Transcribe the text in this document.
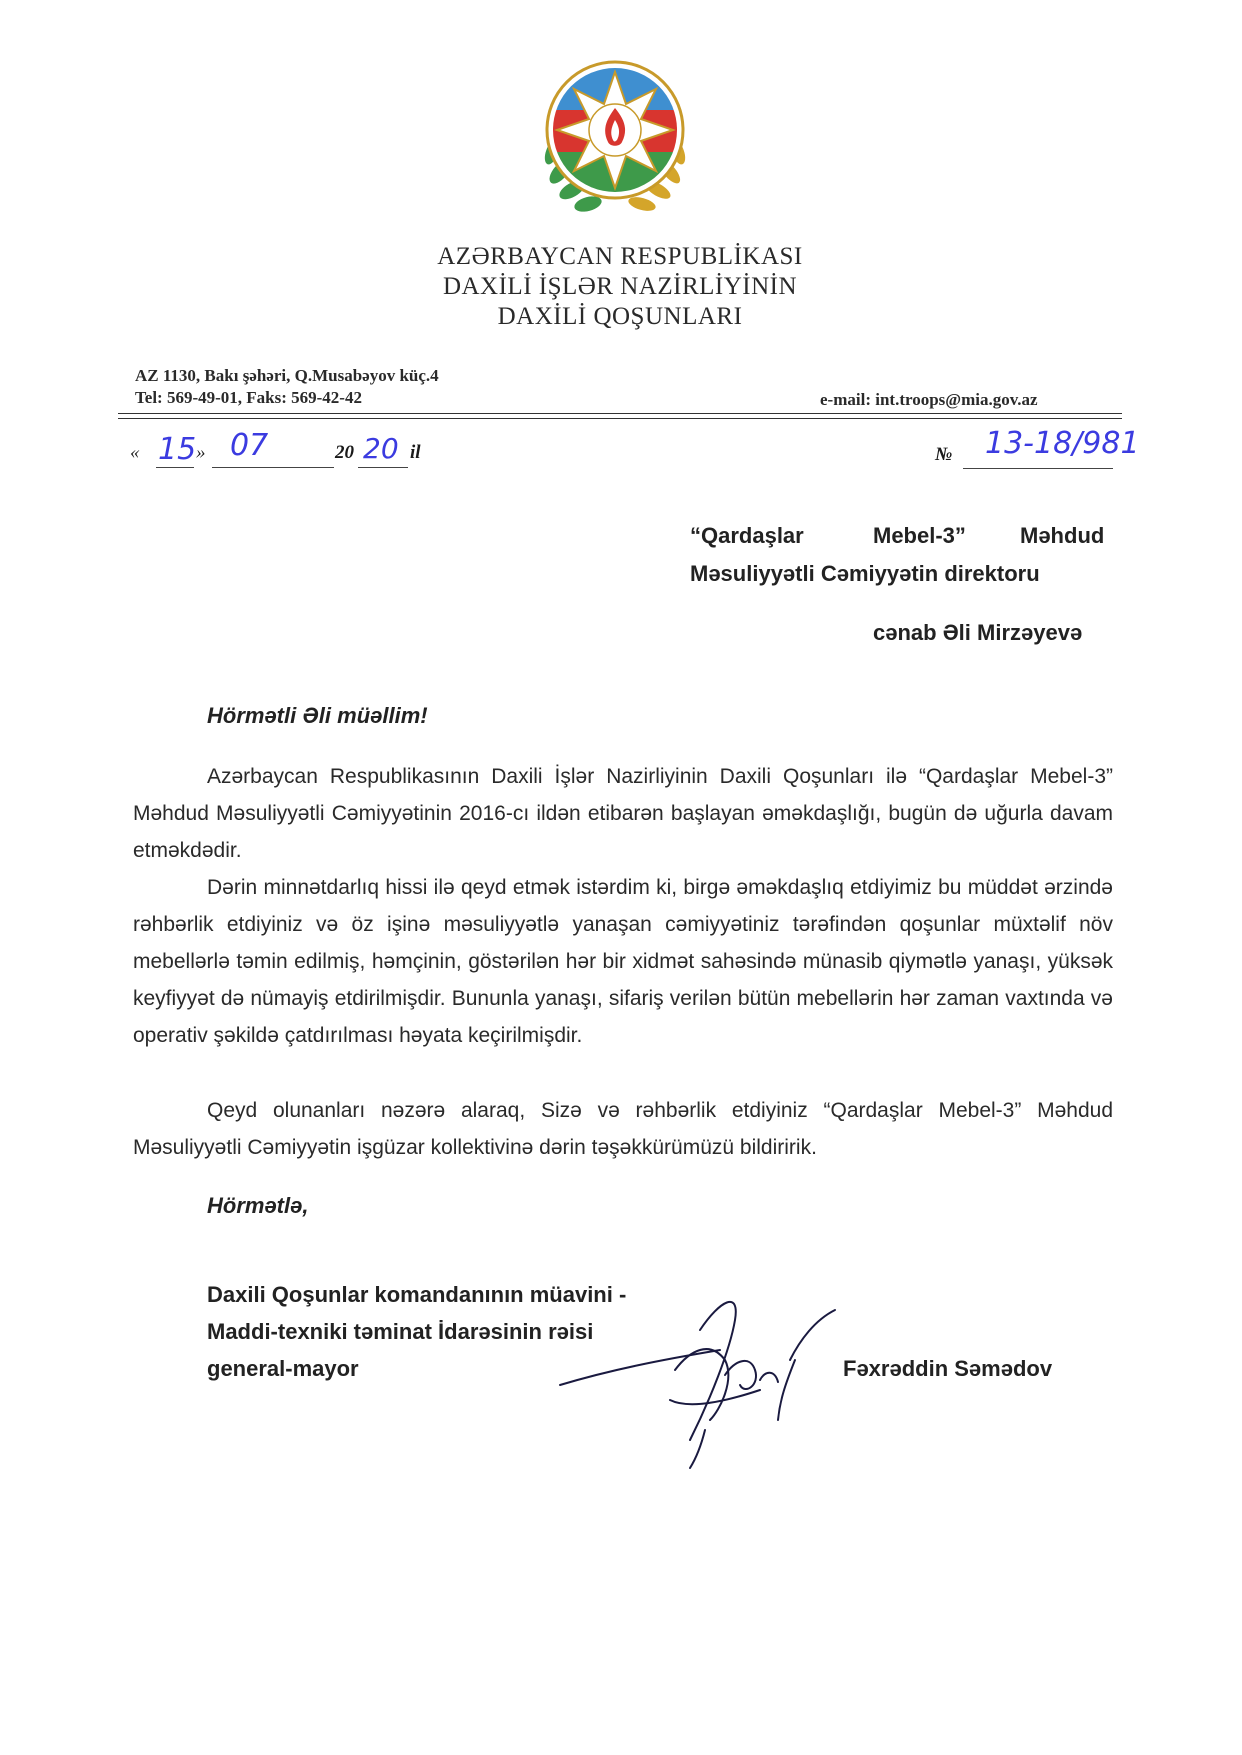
AZƏRBAYCAN RESPUBLİKASI
DAXİLİ İŞLƏR NAZİRLİYİNİN
DAXİLİ QOŞUNLARI
AZ 1130, Bakı şəhəri, Q.Musabəyov küç.4
Tel: 569-49-01, Faks: 569-42-42	e-mail: int.troops@mia.gov.az
« 15 » 07	20 20 il	№ 13-18/981
“Qardaşlar	Mebel-3” Məhdud
Məsuliyyətli Cəmiyyətin direktoru
cənab Əli Mirzəyevə
Hörmətli Əli müəllim!

Azərbaycan Respublikasının Daxili İşlər Nazirliyinin Daxili Qoşunları ilə “Qardaşlar Mebel-3” Məhdud Məsuliyyətli Cəmiyyətinin 2016-cı ildən etibarən başlayan əməkdaşlığı, bugün də uğurla davam etməkdədir.

Dərin minnətdarlıq hissi ilə qeyd etmək istərdim ki, birgə əməkdaşlıq etdiyimiz bu müddət ərzində rəhbərlik etdiyiniz və öz işinə məsuliyyətlə yanaşan cəmiyyətiniz tərəfindən qoşunlar müxtəlif növ mebellərlə təmin edilmiş, həmçinin, göstərilən hər bir xidmət sahəsində münasib qiymətlə yanaşı, yüksək keyfiyyət də nümayiş etdirilmişdir. Bununla yanaşı, sifariş verilən bütün mebellərin hər zaman vaxtında və operativ şəkildə çatdırılması həyata keçirilmişdir.

Qeyd olunanları nəzərə alaraq, Sizə və rəhbərlik etdiyiniz “Qardaşlar Mebel-3” Məhdud Məsuliyyətli Cəmiyyətin işgüzar kollektivinə dərin təşəkkürümüzü bildiririk.

Hörmətlə,
Daxili Qoşunlar komandanının müavini -
Maddi-texniki təminat İdarəsinin rəisi
general-mayor	Fəxrəddin Səmədov
